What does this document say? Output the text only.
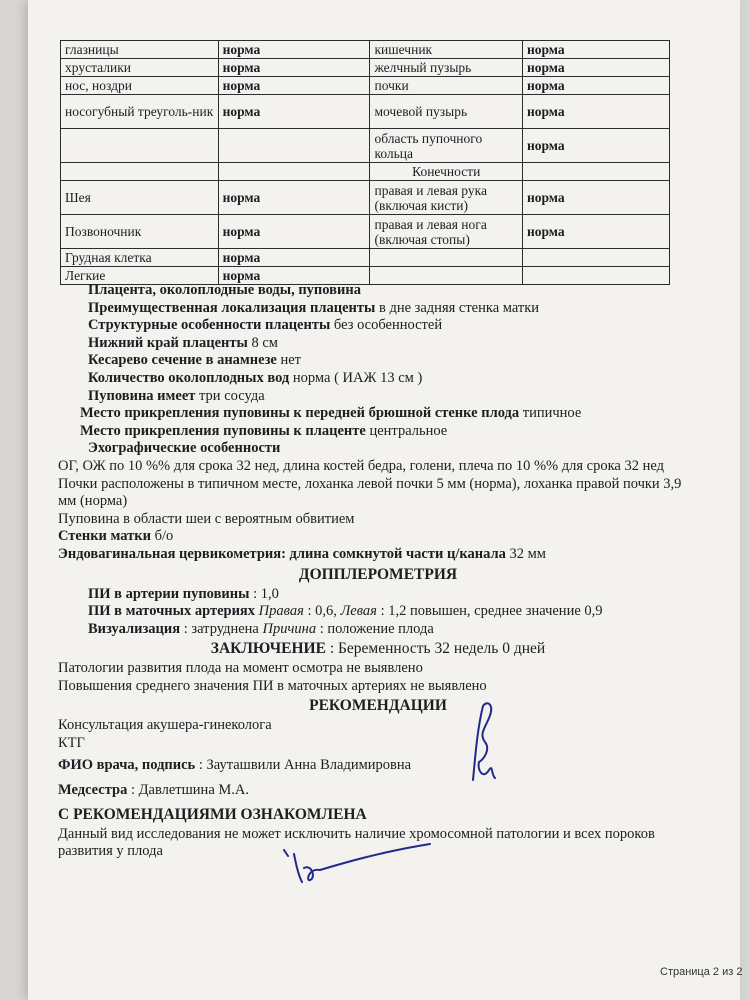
глазницы	норма	кишечник	норма
хрусталики	норма	желчный пузырь	норма
нос, ноздри	норма	почки	норма
носогубный треуголь-ник	норма	мочевой пузырь	норма
		область пупочного кольца	норма
		Конечности	
Шея	норма	правая и левая рука (включая кисти)	норма
Позвоночник	норма	правая и левая нога (включая стопы)	норма
Грудная клетка	норма		
Легкие	норма		
Плацента, околоплодные воды, пуповина
Преимущественная локализация плаценты в дне задняя стенка матки
Структурные особенности плаценты без особенностей
Нижний край плаценты 8 см
Кесарево сечение в анамнезе нет
Количество околоплодных вод норма ( ИАЖ 13 см )
Пуповина имеет три сосуда
Место прикрепления пуповины к передней брюшной стенке плода типичное
Место прикрепления пуповины к плаценте центральное
Эхографические особенности
ОГ, ОЖ по 10 %% для срока 32 нед, длина костей бедра, голени, плеча по 10 %% для срока 32 нед
Почки расположены в типичном месте, лоханка левой почки 5 мм (норма), лоханка правой почки 3,9 мм (норма)
Пуповина в области шеи с вероятным обвитием
Стенки матки б/о
Эндовагинальная цервикометрия: длина сомкнутой части ц/канала 32 мм
ДОППЛЕРОМЕТРИЯ
ПИ в артерии пуповины : 1,0
ПИ в маточных артериях Правая : 0,6, Левая : 1,2 повышен, среднее значение 0,9
Визуализация : затруднена Причина : положение плода
ЗАКЛЮЧЕНИЕ : Беременность 32 недель 0 дней
Патологии развития плода на момент осмотра не выявлено
Повышения среднего значения ПИ в маточных артериях не выявлено
РЕКОМЕНДАЦИИ
Консультация акушера-гинеколога
КТГ
ФИО врача, подпись : Зауташвили Анна Владимировна
Медсестра : Давлетшина М.А.
С РЕКОМЕНДАЦИЯМИ ОЗНАКОМЛЕНА
Данный вид исследования не может исключить наличие хромосомной патологии и всех пороков развития у плода
Страница 2 из 2
